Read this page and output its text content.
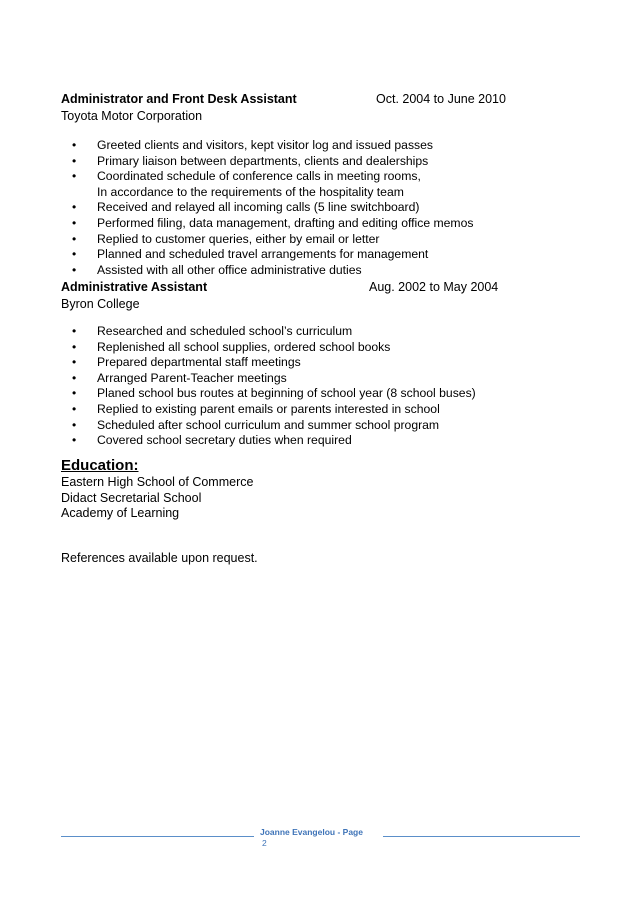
Administrator and Front Desk Assistant	Oct. 2004 to June 2010
Toyota Motor Corporation
• Greeted clients and visitors, kept visitor log and issued passes
• Primary liaison between departments, clients and dealerships
• Coordinated schedule of conference calls in meeting rooms,
In accordance to the requirements of the hospitality team
• Received and relayed all incoming calls (5 line switchboard)
• Performed filing, data management, drafting and editing office memos
• Replied to customer queries, either by email or letter
• Planned and scheduled travel arrangements for management
• Assisted with all other office administrative duties
Administrative Assistant	Aug. 2002 to May 2004
Byron College
• Researched and scheduled school’s curriculum
• Replenished all school supplies, ordered school books
• Prepared departmental staff meetings
• Arranged Parent-Teacher meetings
• Planed school bus routes at beginning of school year (8 school buses)
• Replied to existing parent emails or parents interested in school
• Scheduled after school curriculum and summer school program
• Covered school secretary duties when required
Education:
Eastern High School of Commerce
Didact Secretarial School
Academy of Learning
References available upon request.
Joanne Evangelou - Page
2
